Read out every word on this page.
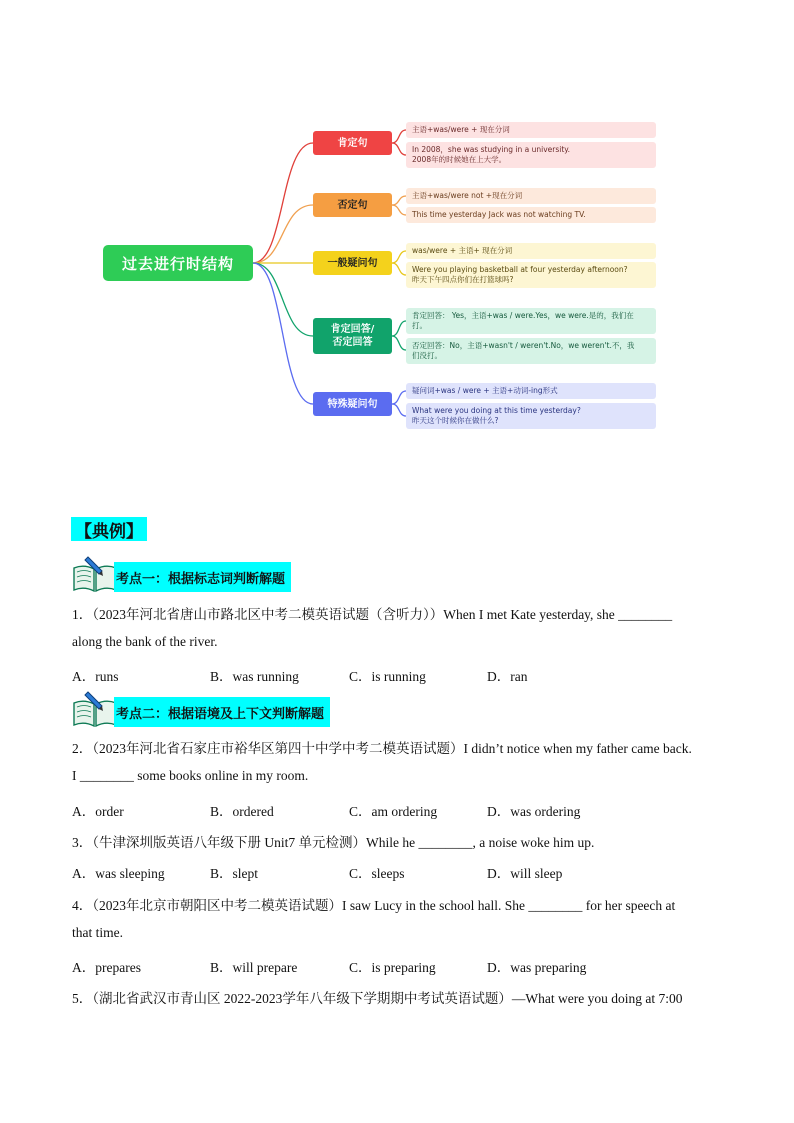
过去进行时结构
肯定句
否定句
一般疑问句
肯定回答/
否定回答
特殊疑问句
主语+was/were + 现在分词
In 2008，she was studying in a university.
2008年的时候她在上大学。
主语+was/were not +现在分词
This time yesterday Jack was not watching TV.
was/were + 主语+ 现在分词
Were you playing basketball at four yesterday afternoon?
昨天下午四点你们在打篮球吗?
肯定回答： Yes，主语+was / were.Yes，we were.是的，我们在
打。
否定回答：No，主语+wasn't / weren't.No，we weren't.不，我
们没打。
疑问词+was / were + 主语+动词-ing形式
What were you doing at this time yesterday?
昨天这个时候你在做什么?
【典例】
考点一：根据标志词判断解题
1．（2023年河北省唐山市路北区中考二模英语试题（含听力））When I met Kate yesterday, she ________
along the bank of the river.
A．runs	B．was running	C．is running	D．ran
考点二：根据语境及上下文判断解题
2．（2023年河北省石家庄市裕华区第四十中学中考二模英语试题）I didn’t notice when my father came back.
I ________ some books online in my room.
A．order	B．ordered	C．am ordering	D．was ordering
3．（牛津深圳版英语八年级下册 Unit7 单元检测）While he ________, a noise woke him up.
A．was sleeping	B．slept	C．sleeps	D．will sleep
4．（2023年北京市朝阳区中考二模英语试题）I saw Lucy in the school hall. She ________ for her speech at
that time.
A．prepares	B．will prepare	C．is preparing	D．was preparing
5．（湖北省武汉市青山区 2022-2023学年八年级下学期期中考试英语试题）—What were you doing at 7:00
